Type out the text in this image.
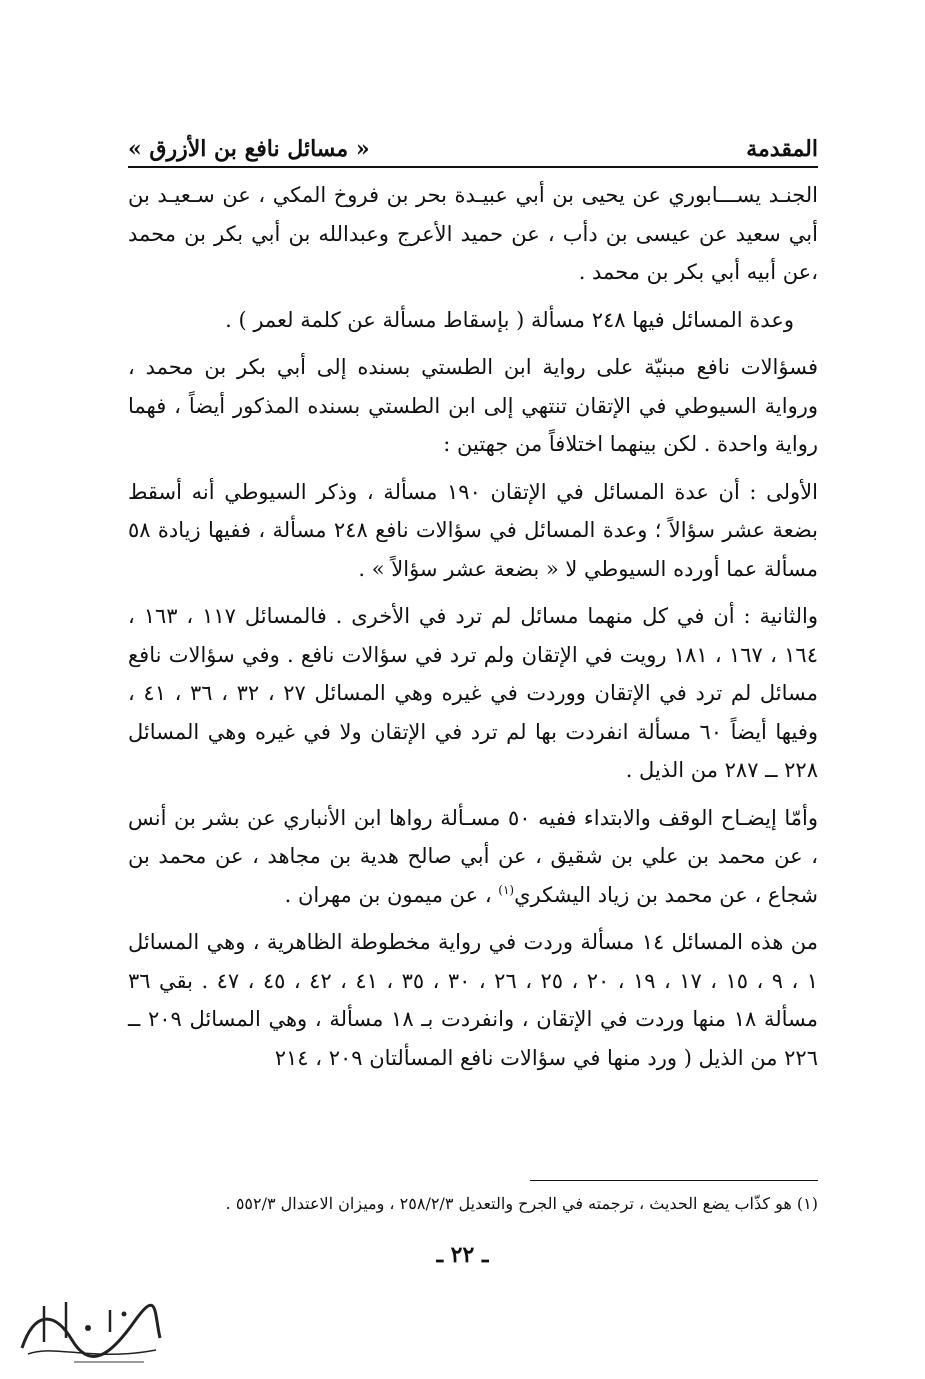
المقدمة
« مسائل نافع بن الأزرق »

الجنـد يســـابوري عن يحيى بن أبي عبيـدة بحر بن فروخ المكي ، عن سـعيـد بن أبي سعيد عن عيسى بن دأب ، عن حميد الأعرج وعبدالله بن أبي بكر بن محمد ،عن أبيه أبي بكر بن محمد .

وعدة المسائل فيها ٢٤٨ مسألة ( بإسقاط مسألة عن كلمة لعمر ) .

فسؤالات نافع مبنيّة على رواية ابن الطستي بسنده إلى أبي بكر بن محمد ، ورواية السيوطي في الإتقان تنتهي إلى ابن الطستي بسنده المذكور أيضاً ، فهما رواية واحدة . لكن بينهما اختلافاً من جهتين :

الأولى : أن عدة المسائل في الإتقان ١٩٠ مسألة ، وذكر السيوطي أنه أسقط بضعة عشر سؤالاً ؛ وعدة المسائل في سؤالات نافع ٢٤٨ مسألة ، ففيها زيادة ٥٨ مسألة عما أورده السيوطي لا « بضعة عشر سؤالاً » .

والثانية : أن في كل منهما مسائل لم ترد في الأخرى . فالمسائل ١١٧ ، ١٦٣ ، ١٦٤ ، ١٦٧ ، ١٨١ رويت في الإتقان ولم ترد في سؤالات نافع . وفي سؤالات نافع مسائل لم ترد في الإتقان ووردت في غيره وهي المسائل ٢٧ ، ٣٢ ، ٣٦ ، ٤١ ، وفيها أيضاً ٦٠ مسألة انفردت بها لم ترد في الإتقان ولا في غيره وهي المسائل ٢٢٨ ــ ٢٨٧ من الذيل .

وأمّا إيضـاح الوقف والابتداء ففيه ٥٠ مسـألة رواها ابن الأنباري عن بشر بن أنس ، عن محمد بن علي بن شقيق ، عن أبي صالح هدية بن مجاهد ، عن محمد بن شجاع ، عن محمد بن زياد اليشكري$^{(١)}$ ، عن ميمون بن مهران .

من هذه المسائل ١٤ مسألة وردت في رواية مخطوطة الظاهرية ، وهي المسائل ١ ، ٩ ، ١٥ ، ١٧ ، ١٩ ، ٢٠ ، ٢٥ ، ٢٦ ، ٣٠ ، ٣٥ ، ٤١ ، ٤٢ ، ٤٥ ، ٤٧ . بقي ٣٦ مسألة ١٨ منها وردت في الإتقان ، وانفردت بـ ١٨ مسألة ، وهي المسائل ٢٠٩ ــ ٢٢٦ من الذيل ( ورد منها في سؤالات نافع المسألتان ٢٠٩ ، ٢١٤

(١) هو كذّاب يضع الحديث ، ترجمته في الجرح والتعديل ٢٥٨/٢/٣ ، وميزان الاعتدال ٥٥٢/٣ .
ـ ٢٢ ـ
